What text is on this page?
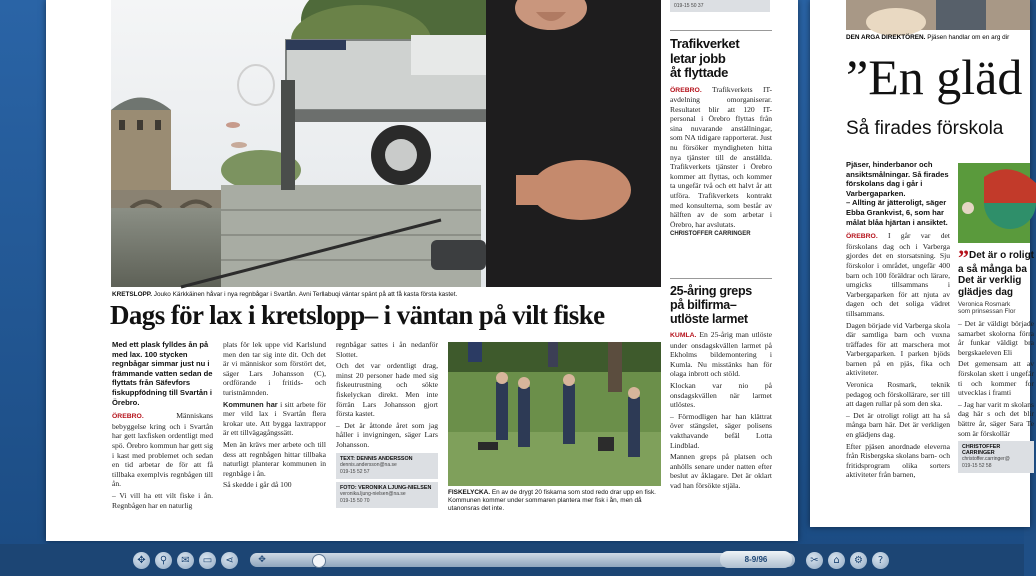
KRETSLOPP. Jouko Kärkkäinen håvar i nya regnbågar i Svartån. Avni Terllabuqi väntar spänt på att få kasta första kastet.
Dags för lax i kretslopp– i väntan på vilt fiske

Med ett plask fylldes ån på med lax. 100 stycken regnbågar simmar just nu i främmande vatten sedan de flyttats från Säfevfors fiskuppfödning till Svartån i Örebro.

ÖREBRO.	Människans bebyggelse kring och i Svartån har gett laxfisken ordentligt med spö. Örebro kommun har gett sig i kast med problemet och sedan en tid arbetar de för att få tillbaka exemplvis regnbågen till ån.

– Vi vill ha ett vilt fiske i ån. Regnbågen har en naturlig

plats för lek uppe vid Karlslund men den tar sig inte dit. Och det är vi människor som förstört det, säger Lars Johansson (C), ordförande i fritids- och turistnämnden.

Kommunen har i sitt arbete för mer vild lax i Svartån flera krokar ute. Att bygga laxtrappor är ett tillvägagångssätt.

Men än krävs mer arbete och till dess att regnbågen hittar tillbaka naturligt planterar kommunen in regnbåge i ån.

Så skedde i går då 100

regnbågar sattes i ån nedanför Slottet.

Och det var ordentligt drag, minst 20 personer hade med sig fiskeutrustning och sökte fiskelyckan direkt. Men inte förrän Lars Johansson gjort första kastet.

– Det är åttonde året som jag håller i invigningen, säger Lars Johansson.

TEXT: DENNIS ANDERSSON
dennis.andersson@na.se
019-15 52 57
FOTO: VERONIKA LJUNG-NIELSEN
veronika.ljung-nielsen@na.se
019-15 50 70
FISKELYCKA. En av de drygt 20 fiskarna som stod redo drar upp en fisk. Kommunen kommer under sommaren plantera mer fisk i ån, men då utanonsras det inte.
019-15 50 37
Trafikverket
letar jobb
åt flyttade

ÖREBRO. Trafikverkets IT-avdelning omorganiserar. Resultatet blir att 120 IT-personal i Örebro flyttas från sina nuvarande anställningar, som NA tidigare rapporterat. Just nu försöker myndigheten hitta nya tjänster till de anställda. Trafikverkets tjänster i Örebro kommer att flyttas, och kommer ta ungefär två och ett halvt år att utföra. Trafikverkets kontrakt med konsulterna, som består av hälften av de som arbetar i Örebro, har avslutats.

CHRISTOFFER CARRINGER
25-åring greps
på bilfirma–
utlöste larmet

KUMLA. En 25-årig man utlöste under onsdagskvällen larmet på Ekholms bildemontering i Kumla. Nu misstänks han för olaga inbrott och stöld.

Klockan var nio på onsdagskvällen när larmet utlöstes.

– Förmodligen har han klättrat över stängslet, säger polisens vakthavande befäl Lotta Lindblad.

Mannen greps på platsen och anhölls senare under natten efter beslut av åklagare. Det är oklart vad han försökte stjäla.

DEN ARGA DIREKTÖREN. Pjäsen handlar om en arg dir
”En gläd
Så firades förskola

Pjäser, hinderbanor och ansiktsmålningar. Så firades förskolans dag i går i Varbergaparken.

– Allting är jätteroligt, säger Ebba Grankvist, 6, som har målat blåa hjärtan i ansiktet.

ÖREBRO. I går var det förskolans dag och i Varberga gjordes det en storsatsning. Sju förskolor i området, ungefär 400 barn och 100 föräldrar och lärare, umgicks tillsammans i Varbergaparken för att njuta av dagen och det soliga vädret tillsammans.

Dagen började vid Varberga skola där samtliga barn och vuxna träffades för att marschera mot Varbergaparken. I parken bjöds barnen på en pjäs, fika och aktiviteter.

Veronica Rosmark, teknik pedagog och förskollärare, ser till att dagen rullar på som den ska.

– Det är otroligt roligt att ha så många barn här. Det är verkligen en glädjens dag.

Efter pjäsen anordnade eleverna från Risbergska skolans barn- och fritidsprogram olika sorters aktiviteter från barnen,

”Det är o roligt a så många ba Det är verklig glädjes dag
Veronica Rosmark
som prinsessan Flor

– Det är väldigt börjadе samarbet skolorna förra år funkar väldigt bra bergskaeleven Eli

Det gemensam att av förskolan skett i ungefär ti och kommer for utvecklas i framti

– Jag har varit m skolans dag här s och det blir bättre år, säger Sara Te som är förskollär

CHRISTOFFER CARRINGER
christoffer.carringer@
019-15 52 58
✥	⚲	✉	▭	⋖	✂	⌂	⚙	?
✥	8-9/96
